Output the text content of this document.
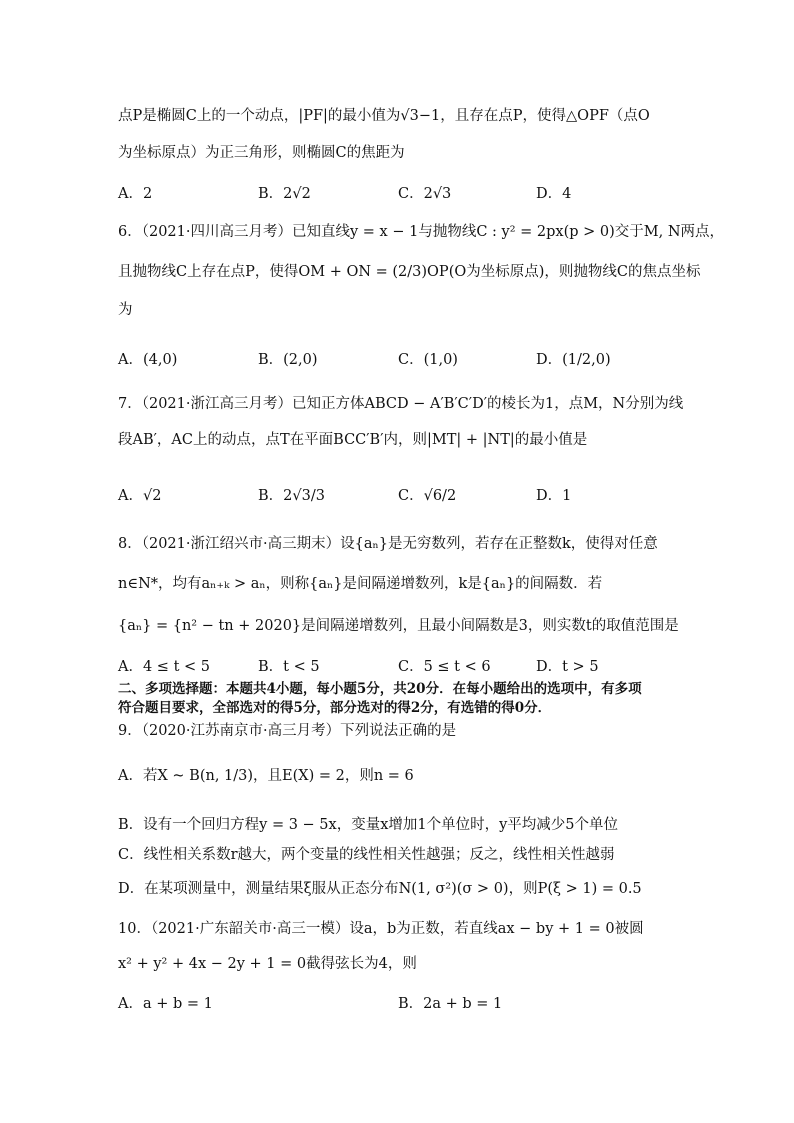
点P是椭圆C上的一个动点，|PF|的最小值为√3−1，且存在点P，使得△OPF（点O
为坐标原点）为正三角形，则椭圆C的焦距为
A．2	B．2√2	C．2√3	D．4
6．（2021·四川高三月考）已知直线y = x − 1与抛物线C : y² = 2px(p > 0)交于M, N两点，
且抛物线C上存在点P，使得OM + ON = (2/3)OP(O为坐标原点)，则抛物线C的焦点坐标
为
A．(4,0)	B．(2,0)	C．(1,0)	D．(1/2,0)
7．（2021·浙江高三月考）已知正方体ABCD − A′B′C′D′的棱长为1，点M，N分别为线
段AB′，AC上的动点，点T在平面BCC′B′内，则|MT| + |NT|的最小值是
A．√2	B．2√3/3	C．√6/2	D．1
8．（2021·浙江绍兴市·高三期末）设{aₙ}是无穷数列，若存在正整数k，使得对任意
n∈N*，均有aₙ₊ₖ > aₙ，则称{aₙ}是间隔递增数列，k是{aₙ}的间隔数．若
{aₙ} = {n² − tn + 2020}是间隔递增数列，且最小间隔数是3，则实数t的取值范围是
A．4 ≤ t < 5	B．t < 5	C．5 ≤ t < 6	D．t > 5
二、多项选择题：本题共4小题，每小题5分，共20分．在每小题给出的选项中，有多项
符合题目要求，全部选对的得5分，部分选对的得2分，有选错的得0分．
9．（2020·江苏南京市·高三月考）下列说法正确的是
A．若X ~ B(n, 1/3)，且E(X) = 2，则n = 6
B．设有一个回归方程y = 3 − 5x，变量x增加1个单位时，y平均减少5个单位
C．线性相关系数r越大，两个变量的线性相关性越强；反之，线性相关性越弱
D．在某项测量中，测量结果ξ服从正态分布N(1, σ²)(σ > 0)，则P(ξ > 1) = 0.5
10．（2021·广东韶关市·高三一模）设a，b为正数，若直线ax − by + 1 = 0被圆
x² + y² + 4x − 2y + 1 = 0截得弦长为4，则
A．a + b = 1	B．2a + b = 1
